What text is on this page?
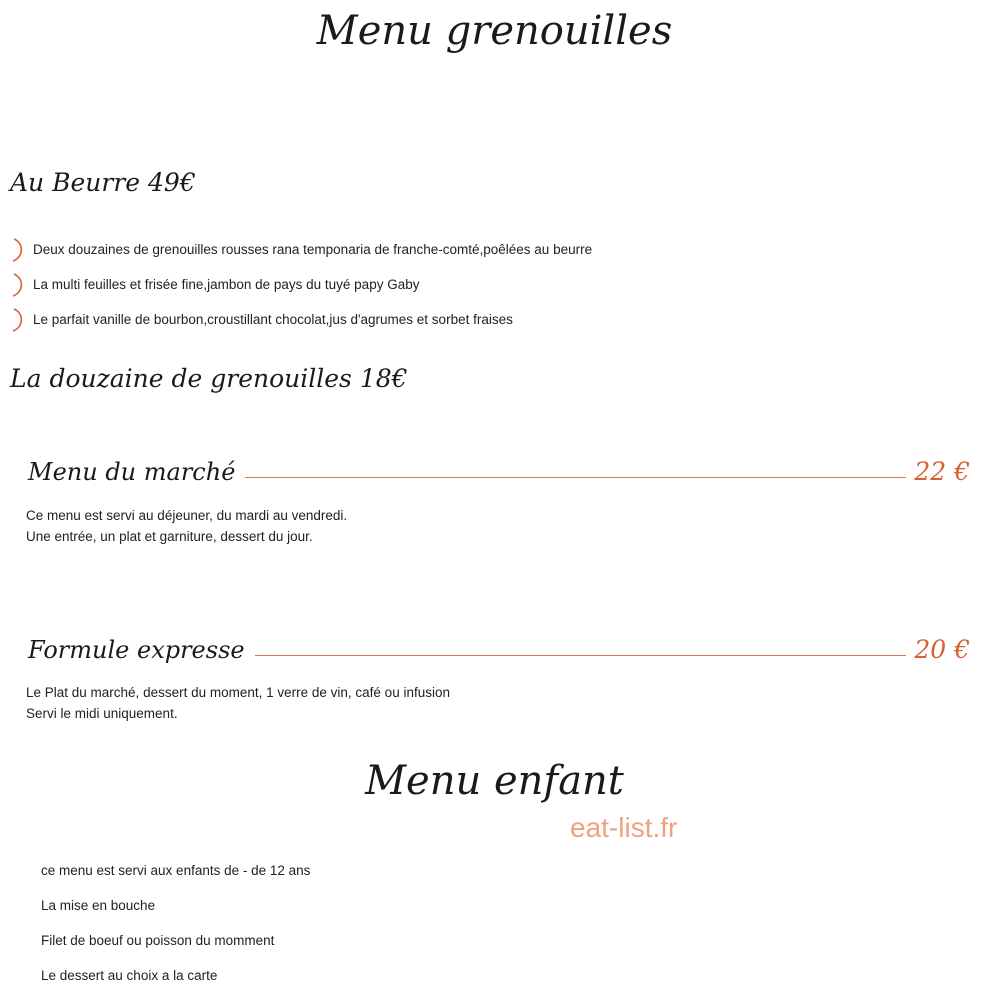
Menu grenouilles
Au Beurre 49€
Deux douzaines de grenouilles rousses rana temponaria de franche-comté,poêlées au beurre
La multi feuilles et frisée fine,jambon de pays du tuyé papy Gaby
Le parfait vanille de bourbon,croustillant chocolat,jus d'agrumes et sorbet fraises
La douzaine de grenouilles 18€
Menu du marché	22 €
Ce menu est servi au déjeuner, du mardi au vendredi.
Une entrée, un plat et garniture, dessert du jour.
Formule expresse	20 €
Le Plat du marché, dessert du moment, 1 verre de vin, café ou infusion
Servi le midi uniquement.
Menu enfant
eat-list.fr
ce menu est servi aux enfants de - de 12 ans
La mise en bouche
Filet de boeuf ou poisson du momment
Le dessert au choix a la carte
